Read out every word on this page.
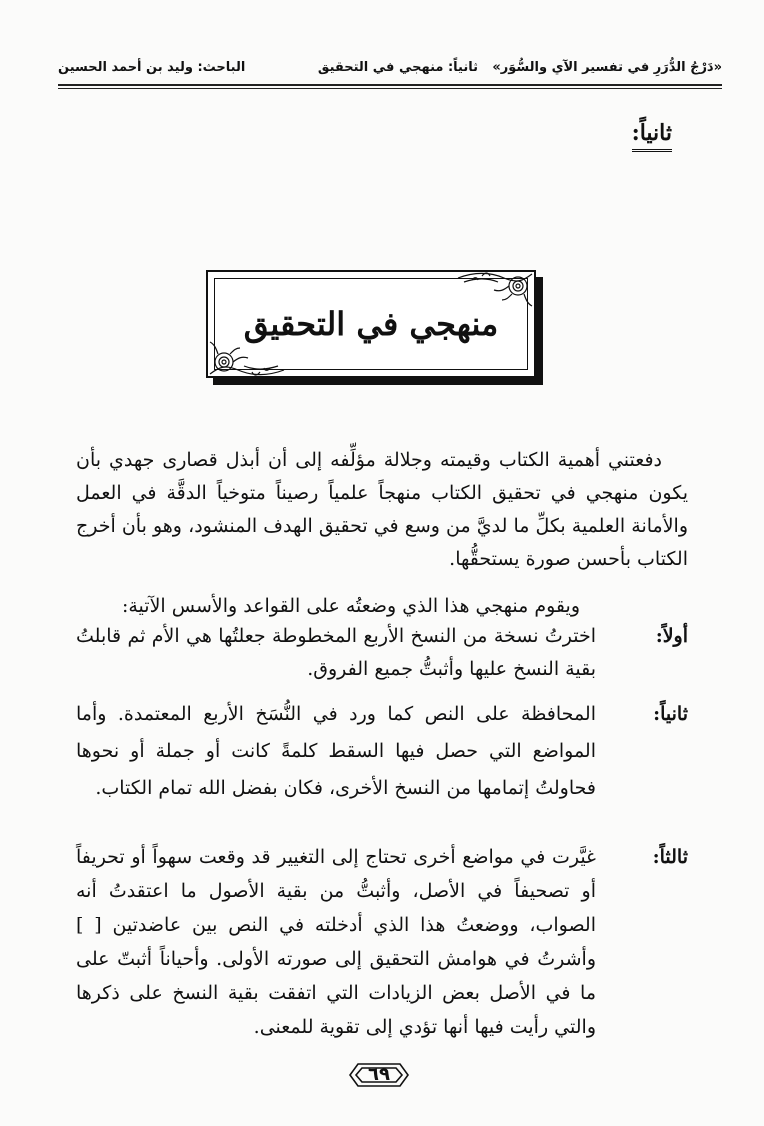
«دَرْجُ الدُّرَرِ في تفسير الآي والسُّوَر»
ثانياً: منهجي في التحقيق
الباحث: وليد بن أحمد الحسين
ثانياً:
منهجي في التحقيق

دفعتني أهمية الكتاب وقيمته وجلالة مؤلِّفه إلى أن أبذل قصارى جهدي بأن يكون منهجي في تحقيق الكتاب منهجاً علمياً رصيناً متوخياً الدقَّة في العمل والأمانة العلمية بكلِّ ما لديَّ من وسع في تحقيق الهدف المنشود، وهو بأن أخرج الكتاب بأحسن صورة يستحقُّها.

ويقوم منهجي هذا الذي وضعتُه على القواعد والأسس الآتية:
أولاً:
اخترتُ نسخة من النسخ الأربع المخطوطة جعلتُها هي الأم ثم قابلتُ بقية النسخ عليها وأثبتُّ جميع الفروق.
ثانياً:
المحافظة على النص كما ورد في النُّسَخ الأربع المعتمدة. وأما المواضع التي حصل فيها السقط كلمةً كانت أو جملة أو نحوها فحاولتُ إتمامها من النسخ الأخرى، فكان بفضل الله تمام الكتاب.
ثالثاً:
غيَّرت في مواضع أخرى تحتاج إلى التغيير قد وقعت سهواً أو تحريفاً أو تصحيفاً في الأصل، وأثبتُّ من بقية الأصول ما اعتقدتُ أنه الصواب، ووضعتُ هذا الذي أدخلته في النص بين عاضدتين [ ] وأشرتُ في هوامش التحقيق إلى صورته الأولى. وأحياناً أثبتّ على ما في الأصل بعض الزيادات التي اتفقت بقية النسخ على ذكرها والتي رأيت فيها أنها تؤدي إلى تقوية للمعنى.
٦٩
